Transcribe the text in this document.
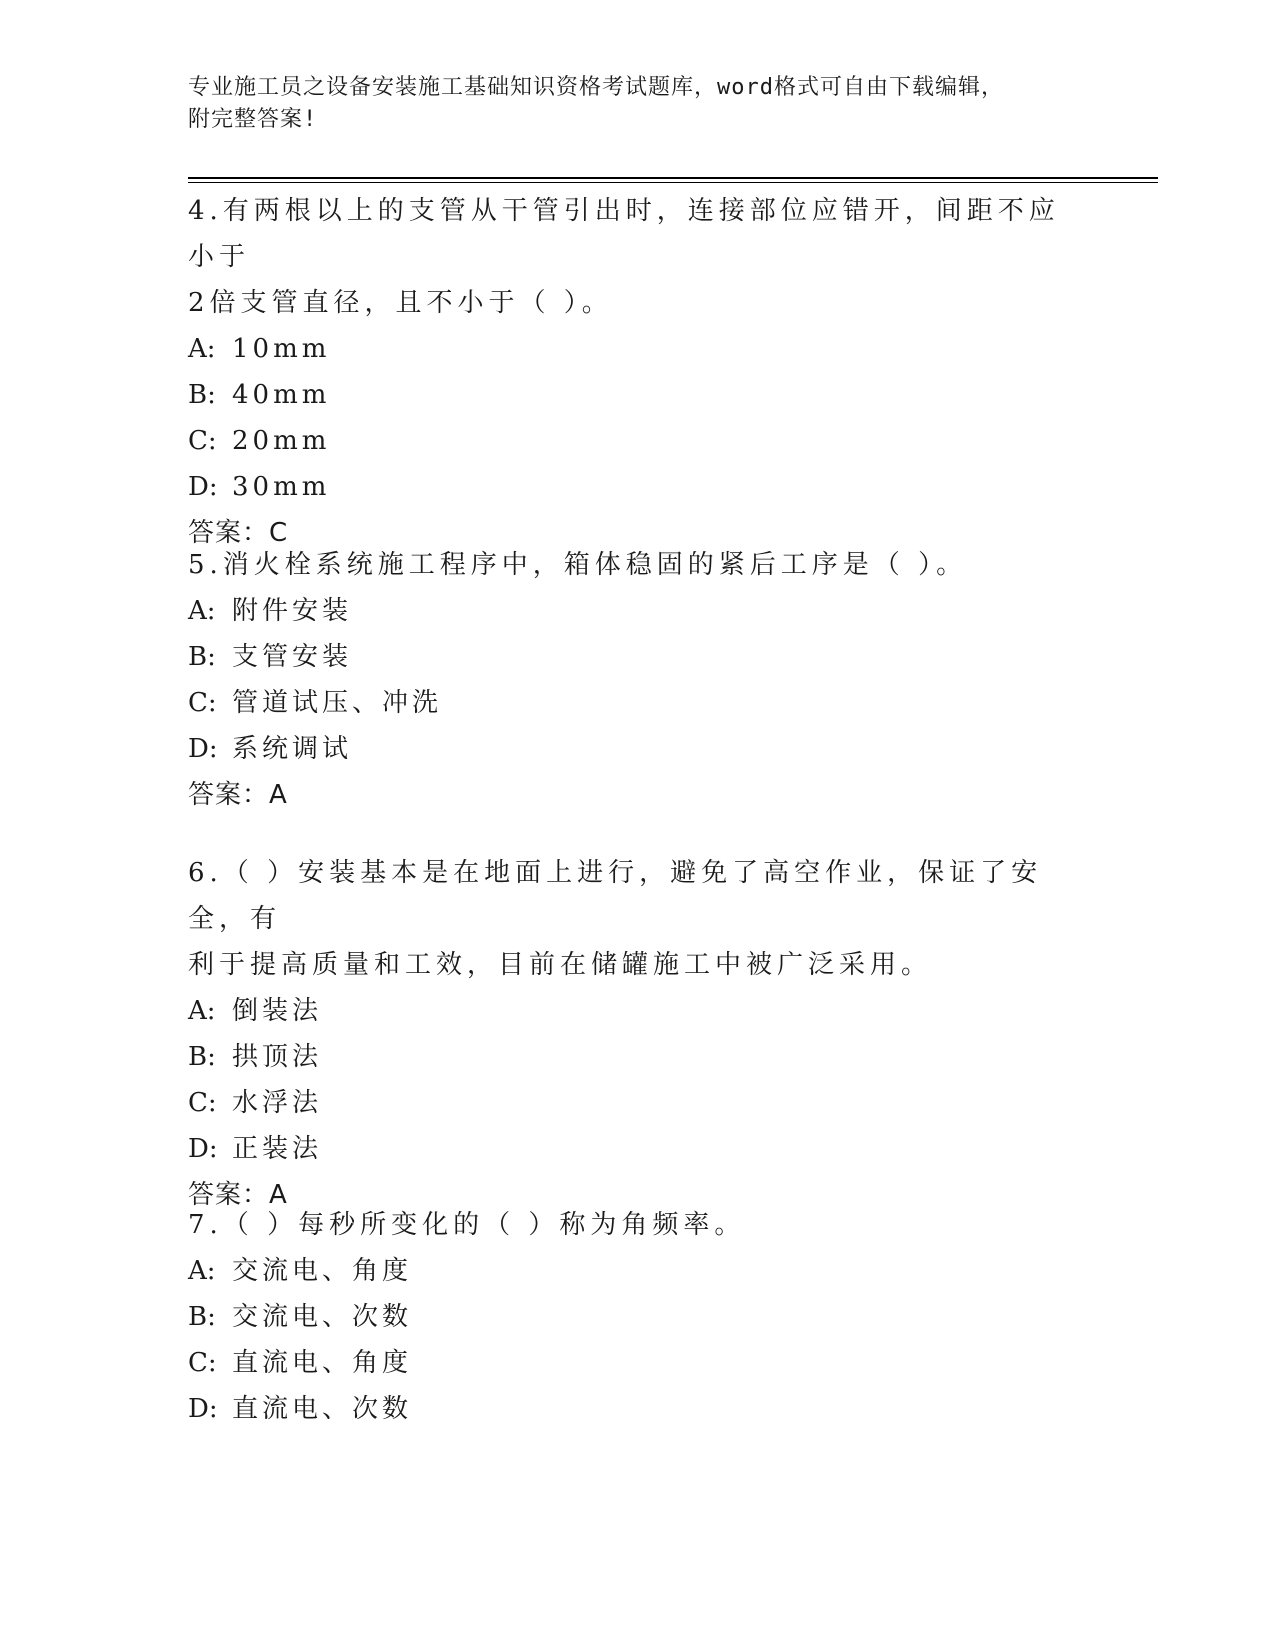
专业施工员之设备安装施工基础知识资格考试题库，word格式可自由下载编辑，
附完整答案!
4.有两根以上的支管从干管引出时，连接部位应错开，间距不应小于
2倍支管直径，且不小于（ ）。
A: 10mm
B: 40mm
C: 20mm
D: 30mm
答案：C
5.消火栓系统施工程序中，箱体稳固的紧后工序是（ ）。
A: 附件安装
B: 支管安装
C: 管道试压、冲洗
D: 系统调试
答案：A
6.（ ）安装基本是在地面上进行，避免了高空作业，保证了安全，有
利于提高质量和工效，目前在储罐施工中被广泛采用。
A: 倒装法
B: 拱顶法
C: 水浮法
D: 正装法
答案：A
7.（ ）每秒所变化的（ ）称为角频率。
A: 交流电、角度
B: 交流电、次数
C: 直流电、角度
D: 直流电、次数
